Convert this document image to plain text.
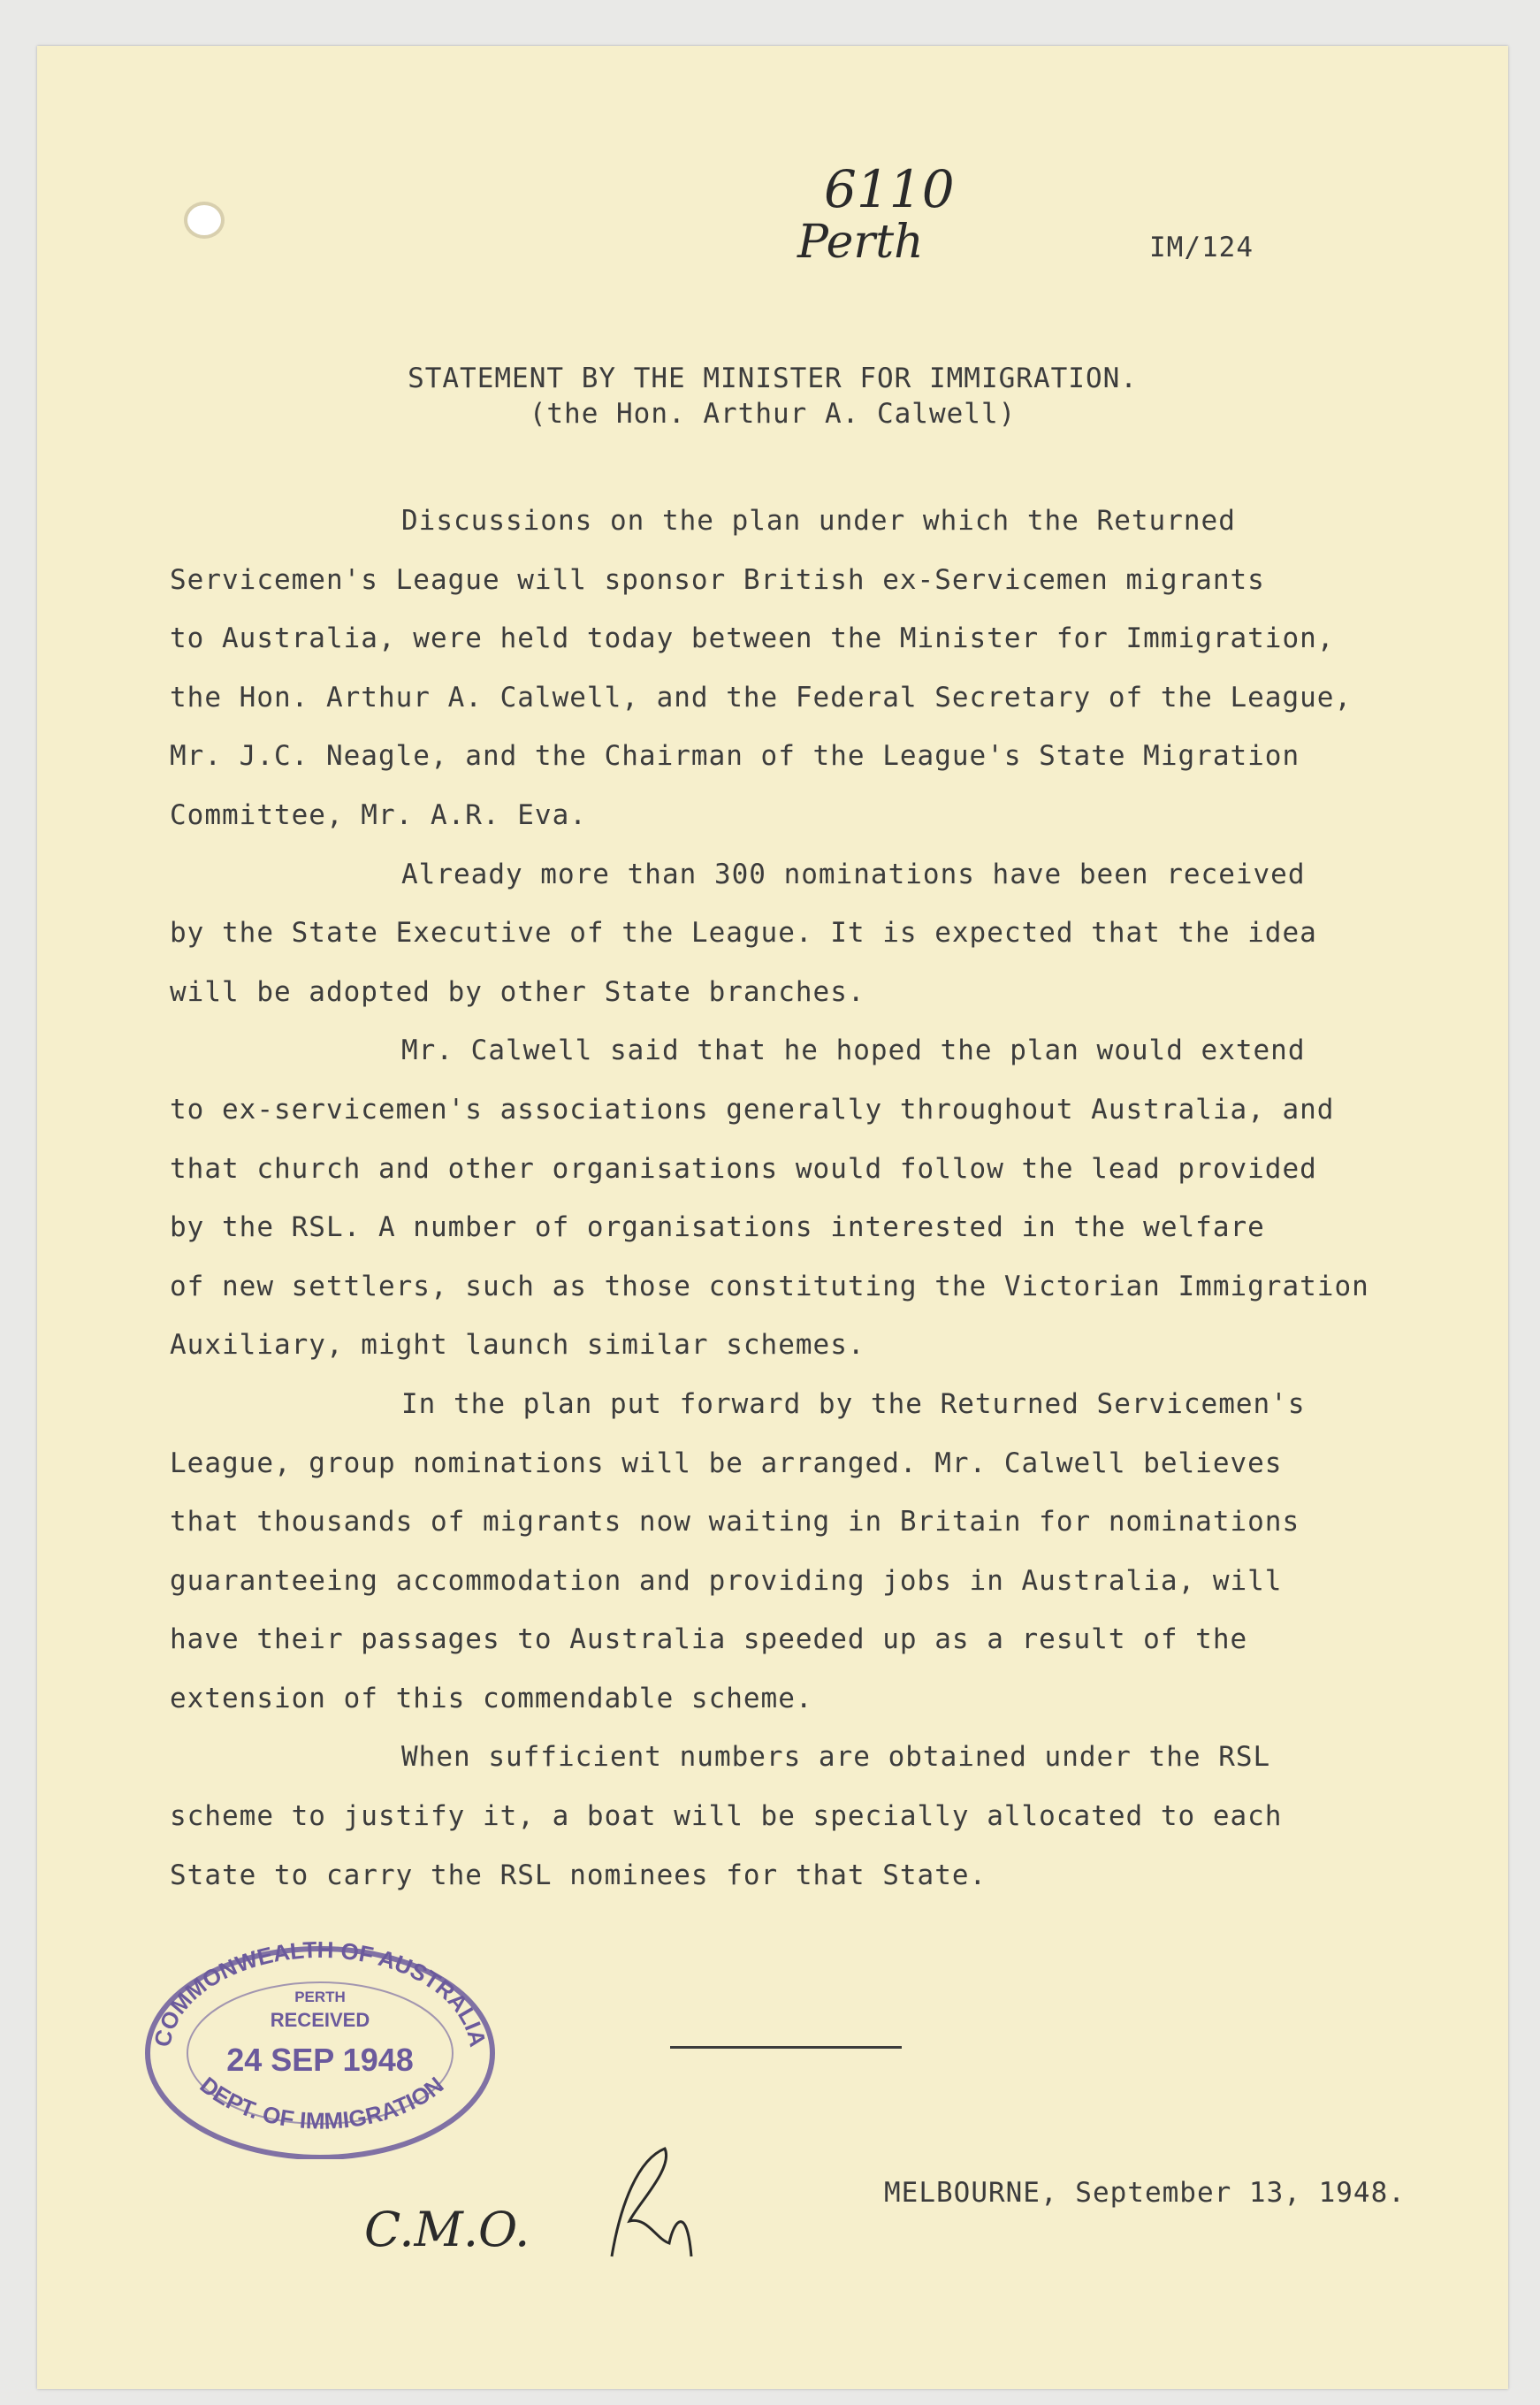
6110
Perth	IM/124
STATEMENT BY THE MINISTER FOR IMMIGRATION.
(the Hon. Arthur A. Calwell)
Discussions on the plan under which the Returned
Servicemen's League will sponsor British ex-Servicemen migrants
to Australia, were held today between the Minister for Immigration,
the Hon. Arthur A. Calwell, and the Federal Secretary of the League,
Mr. J.C. Neagle, and the Chairman of the League's State Migration
Committee, Mr. A.R. Eva.
Already more than 300 nominations have been received
by the State Executive of the League. It is expected that the idea
will be adopted by other State branches.
Mr. Calwell said that he hoped the plan would extend
to ex-servicemen's associations generally throughout Australia, and
that church and other organisations would follow the lead provided
by the RSL. A number of organisations interested in the welfare
of new settlers, such as those constituting the Victorian Immigration
Auxiliary, might launch similar schemes.
In the plan put forward by the Returned Servicemen's
League, group nominations will be arranged. Mr. Calwell believes
that thousands of migrants now waiting in Britain for nominations
guaranteeing accommodation and providing jobs in Australia, will
have their passages to Australia speeded up as a result of the
extension of this commendable scheme.
When sufficient numbers are obtained under the RSL
scheme to justify it, a boat will be specially allocated to each
State to carry the RSL nominees for that State.
COMMONWEALTH OF AUSTRALIA
DEPT. OF IMMIGRATION
PERTH
RECEIVED
24 SEP 1948
C.M.O.
MELBOURNE, September 13, 1948.
